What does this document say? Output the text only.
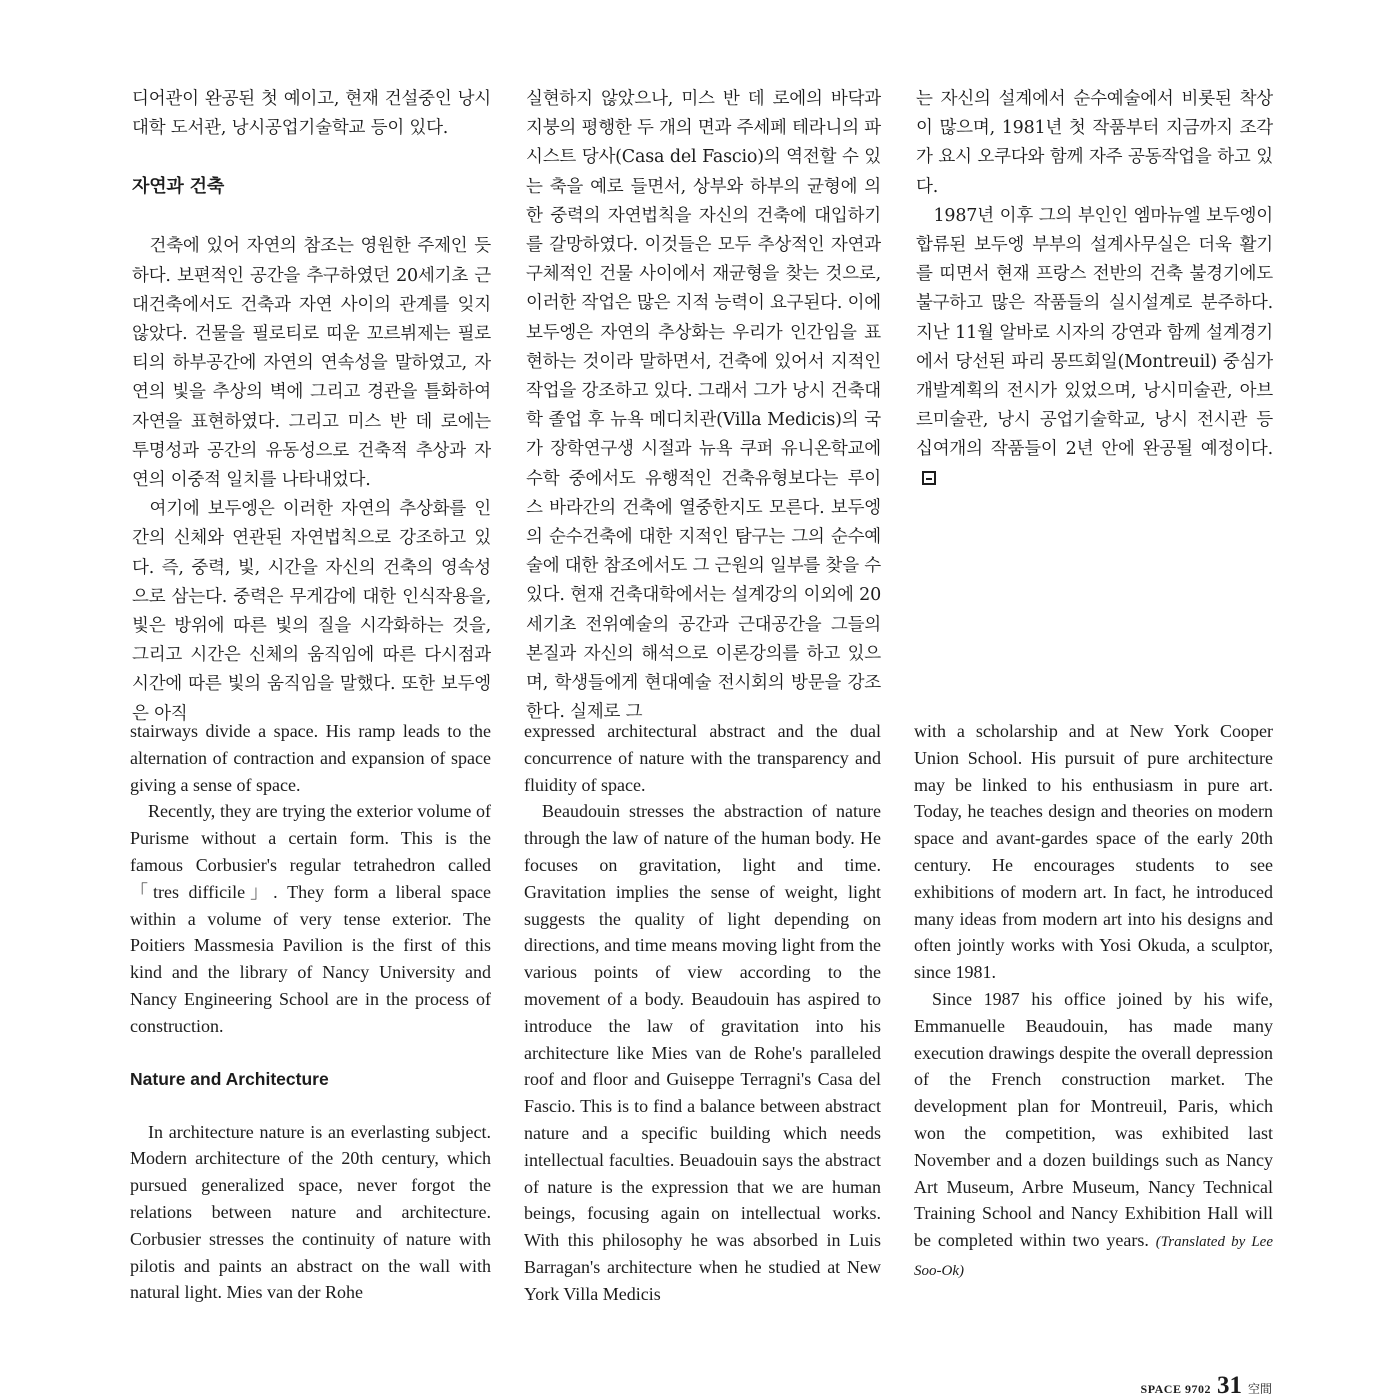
디어관이 완공된 첫 예이고, 현재 건설중인 낭시대학 도서관, 낭시공업기술학교 등이 있다.

자연과 건축

건축에 있어 자연의 참조는 영원한 주제인 듯하다. 보편적인 공간을 추구하였던 20세기초 근대건축에서도 건축과 자연 사이의 관계를 잊지 않았다. 건물을 필로티로 띠운 꼬르뷔제는 필로티의 하부공간에 자연의 연속성을 말하였고, 자연의 빛을 추상의 벽에 그리고 경관을 틀화하여 자연을 표현하였다. 그리고 미스 반 데 로에는 투명성과 공간의 유동성으로 건축적 추상과 자연의 이중적 일치를 나타내었다.

여기에 보두엥은 이러한 자연의 추상화를 인간의 신체와 연관된 자연법칙으로 강조하고 있다. 즉, 중력, 빛, 시간을 자신의 건축의 영속성으로 삼는다. 중력은 무게감에 대한 인식작용을, 빛은 방위에 따른 빛의 질을 시각화하는 것을, 그리고 시간은 신체의 움직임에 따른 다시점과 시간에 따른 빛의 움직임을 말했다. 또한 보두엥은 아직

실현하지 않았으나, 미스 반 데 로에의 바닥과 지붕의 평행한 두 개의 면과 주세페 테라니의 파시스트 당사(Casa del Fascio)의 역전할 수 있는 축을 예로 들면서, 상부와 하부의 균형에 의한 중력의 자연법칙을 자신의 건축에 대입하기를 갈망하였다. 이것들은 모두 추상적인 자연과 구체적인 건물 사이에서 재균형을 찾는 것으로, 이러한 작업은 많은 지적 능력이 요구된다. 이에 보두엥은 자연의 추상화는 우리가 인간임을 표현하는 것이라 말하면서, 건축에 있어서 지적인 작업을 강조하고 있다. 그래서 그가 낭시 건축대학 졸업 후 뉴욕 메디치관(Villa Medicis)의 국가 장학연구생 시절과 뉴욕 쿠퍼 유니온학교에 수학 중에서도 유행적인 건축유형보다는 루이스 바라간의 건축에 열중한지도 모른다. 보두엥의 순수건축에 대한 지적인 탐구는 그의 순수예술에 대한 참조에서도 그 근원의 일부를 찾을 수 있다. 현재 건축대학에서는 설계강의 이외에 20세기초 전위예술의 공간과 근대공간을 그들의 본질과 자신의 해석으로 이론강의를 하고 있으며, 학생들에게 현대예술 전시회의 방문을 강조한다. 실제로 그

는 자신의 설계에서 순수예술에서 비롯된 착상이 많으며, 1981년 첫 작품부터 지금까지 조각가 요시 오쿠다와 함께 자주 공동작업을 하고 있다.

1987년 이후 그의 부인인 엠마뉴엘 보두엥이 합류된 보두엥 부부의 설계사무실은 더욱 활기를 띠면서 현재 프랑스 전반의 건축 불경기에도 불구하고 많은 작품들의 실시설계로 분주하다. 지난 11월 알바로 시자의 강연과 함께 설계경기에서 당선된 파리 몽뜨회일(Montreuil) 중심가 개발계획의 전시가 있었으며, 낭시미술관, 아브르미술관, 낭시 공업기술학교, 낭시 전시관 등 십여개의 작품들이 2년 안에 완공될 예정이다.

stairways divide a space. His ramp leads to the alternation of contraction and expansion of space giving a sense of space.

Recently, they are trying the exterior volume of Purisme without a certain form. This is the famous Corbusier's regular tetrahedron called「tres difficile」. They form a liberal space within a volume of very tense exterior. The Poitiers Massmesia Pavilion is the first of this kind and the library of Nancy University and Nancy Engineering School are in the process of construction.

Nature and Architecture

In architecture nature is an everlasting subject. Modern architecture of the 20th century, which pursued generalized space, never forgot the relations between nature and architecture. Corbusier stresses the continuity of nature with pilotis and paints an abstract on the wall with natural light. Mies van der Rohe

expressed architectural abstract and the dual concurrence of nature with the transparency and fluidity of space.

Beaudouin stresses the abstraction of nature through the law of nature of the human body. He focuses on gravitation, light and time. Gravitation implies the sense of weight, light suggests the quality of light depending on directions, and time means moving light from the various points of view according to the movement of a body. Beaudouin has aspired to introduce the law of gravitation into his architecture like Mies van de Rohe's paralleled roof and floor and Guiseppe Terragni's Casa del Fascio. This is to find a balance between abstract nature and a specific building which needs intellectual faculties. Beuadouin says the abstract of nature is the expression that we are human beings, focusing again on intellectual works. With this philosophy he was absorbed in Luis Barragan's architecture when he studied at New York Villa Medicis

with a scholarship and at New York Cooper Union School. His pursuit of pure architecture may be linked to his enthusiasm in pure art. Today, he teaches design and theories on modern space and avant-gardes space of the early 20th century. He encourages students to see exhibitions of modern art. In fact, he introduced many ideas from modern art into his designs and often jointly works with Yosi Okuda, a sculptor, since 1981.

Since 1987 his office joined by his wife, Emmanuelle Beaudouin, has made many execution drawings despite the overall depression of the French construction market. The development plan for Montreuil, Paris, which won the competition, was exhibited last November and a dozen buildings such as Nancy Art Museum, Arbre Museum, Nancy Technical Training School and Nancy Exhibition Hall will be completed within two years. (Translated by Lee Soo-Ok)

SPACE 9702 31 空間
